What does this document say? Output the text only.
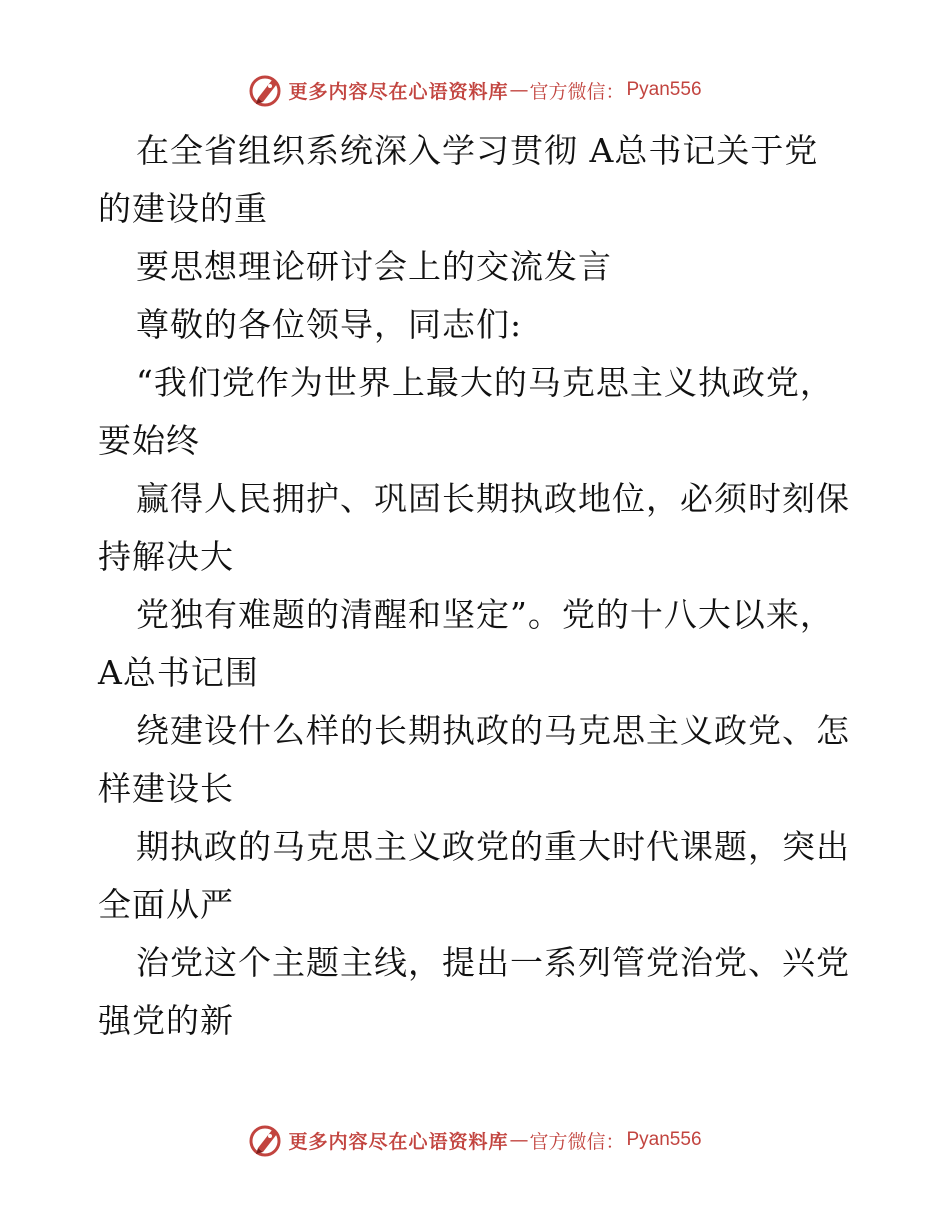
更多内容尽在心语资料库 — 官方微信： Pyan556
在全省组织系统深入学习贯彻 A总书记关于党
的建设的重
要思想理论研讨会上的交流发言
尊敬的各位领导，同志们:
“我们党作为世界上最大的马克思主义执政党，
要始终
赢得人民拥护、巩固长期执政地位，必须时刻保
持解决大
党独有难题的清醒和坚定”。党的十八大以来，
A总书记围
绕建设什么样的长期执政的马克思主义政党、怎
样建设长
期执政的马克思主义政党的重大时代课题，突出
全面从严
治党这个主题主线，提出一系列管党治党、兴党
强党的新
更多内容尽在心语资料库 — 官方微信： Pyan556
